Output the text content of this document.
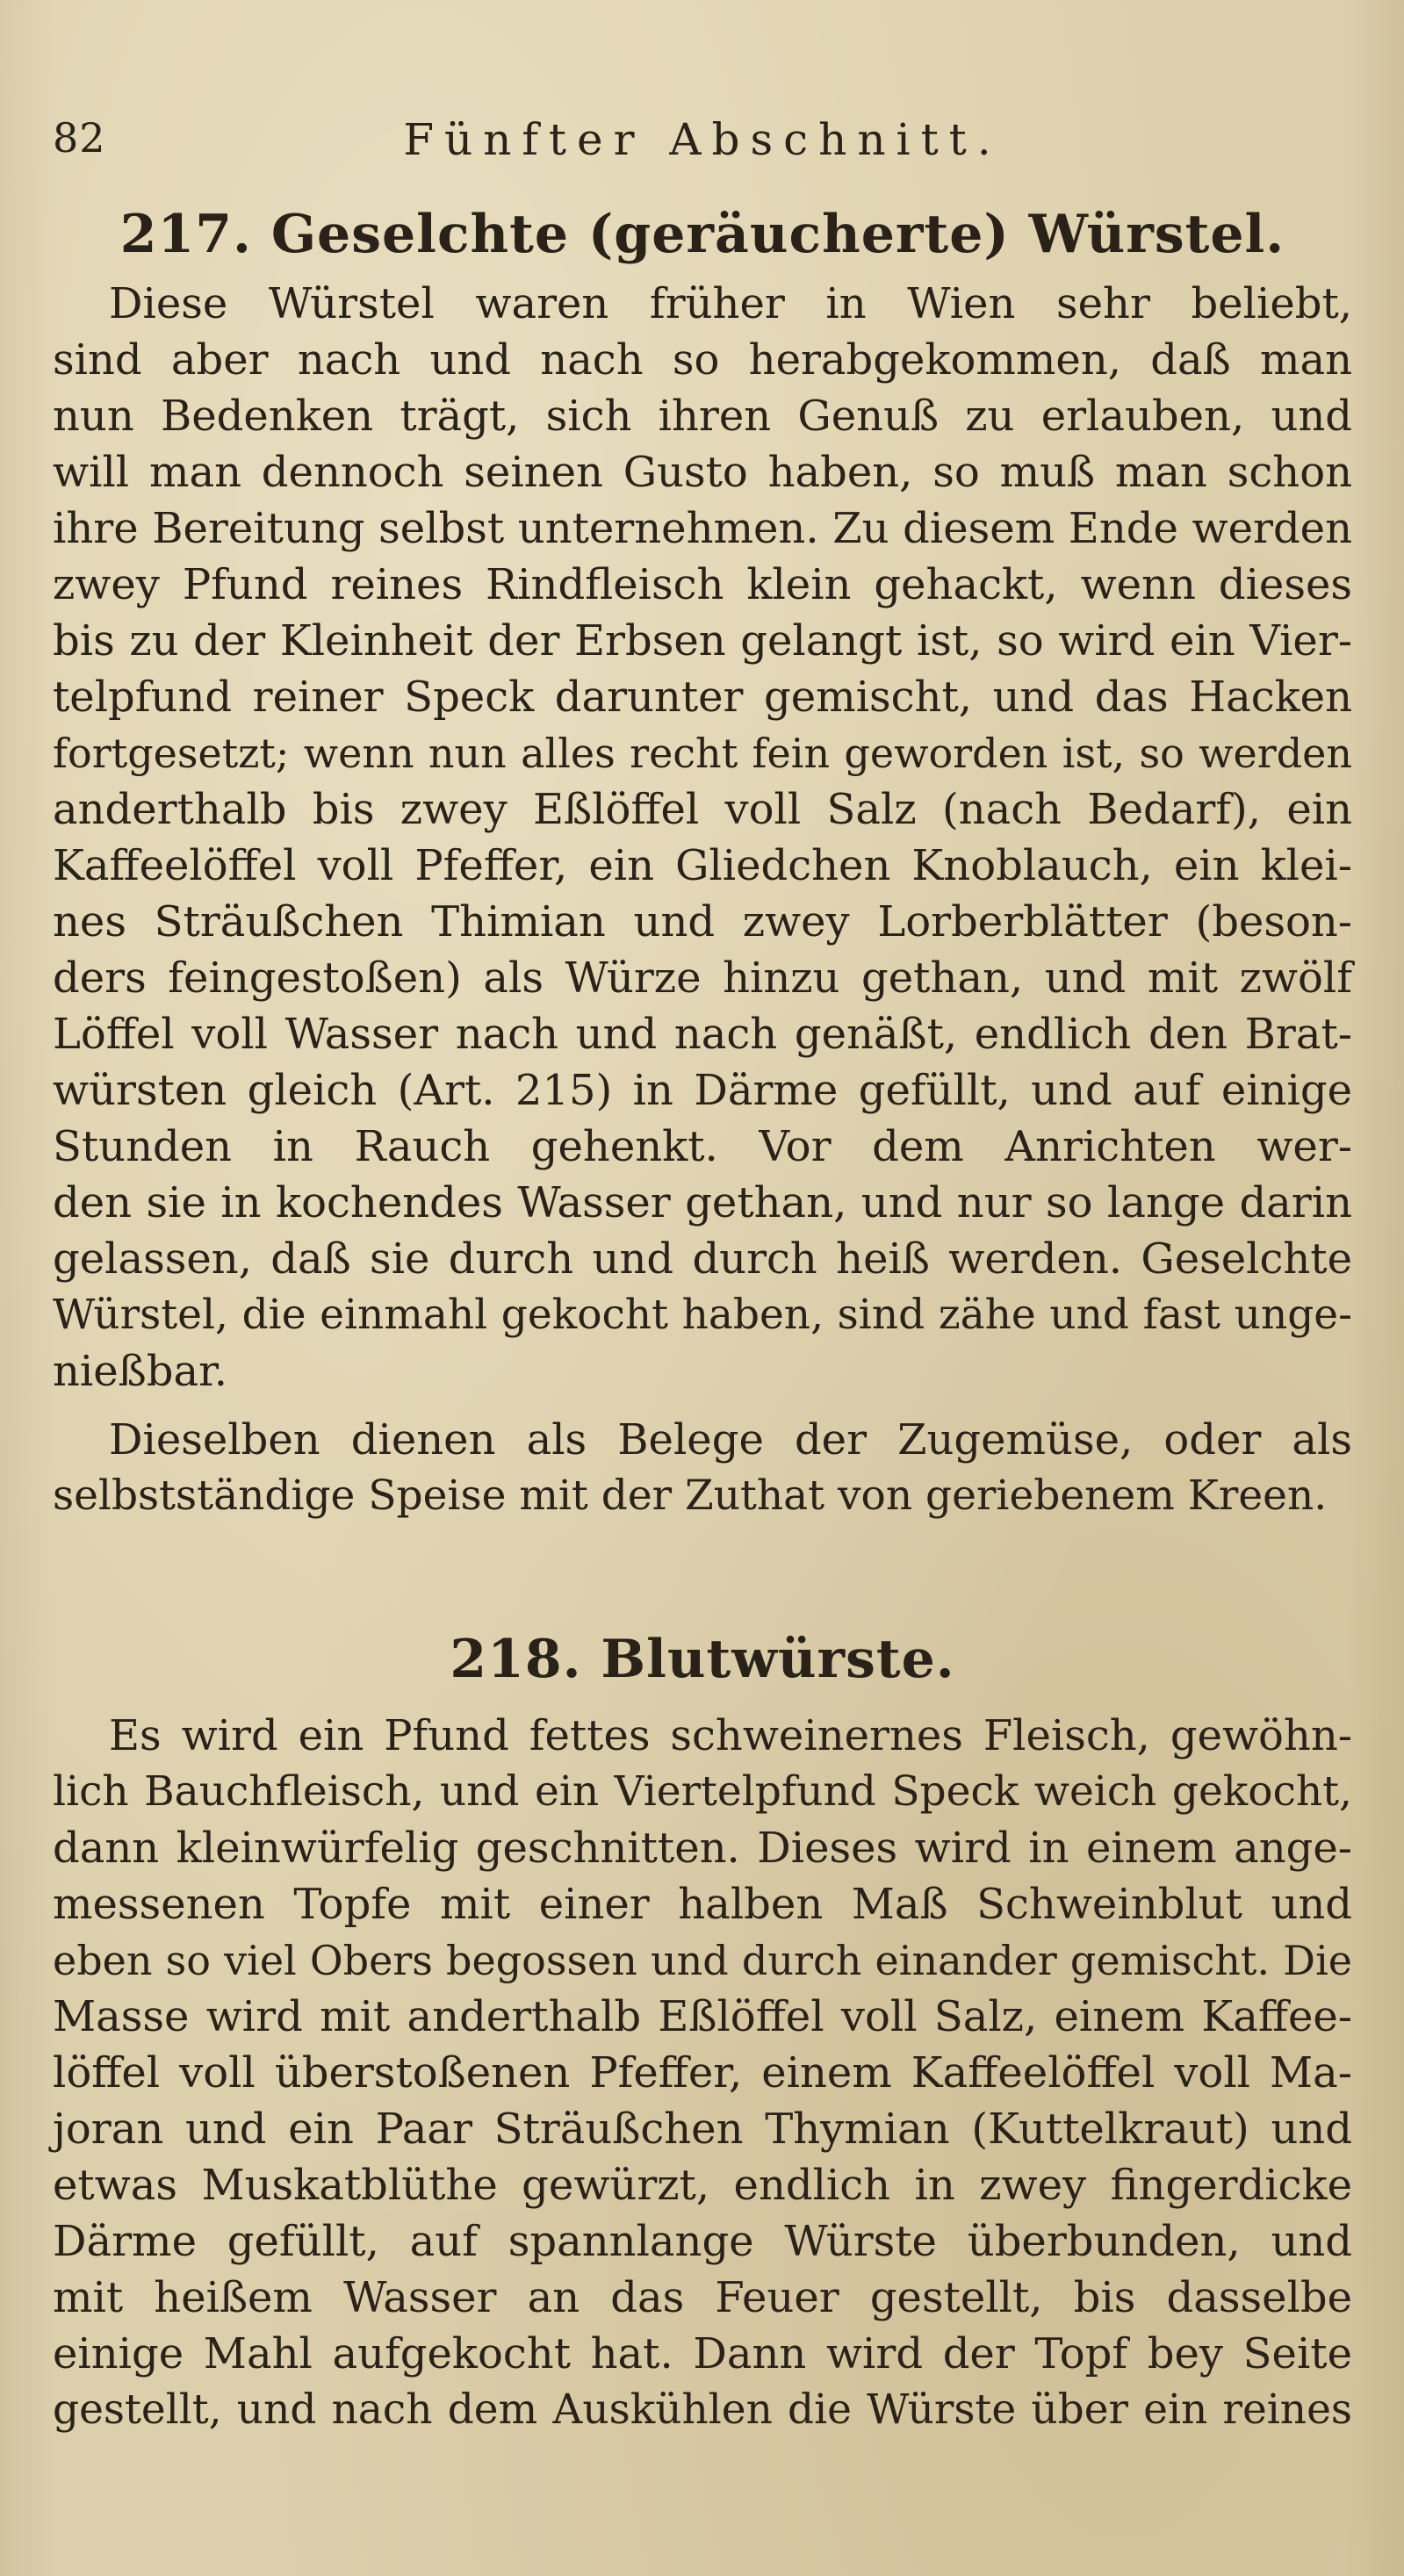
82	Fünfter Abschnitt.
217. Geselchte (geräucherte) Würstel.
Diese Würstel waren früher in Wien sehr beliebt,
sind aber nach und nach so herabgekommen, daß man
nun Bedenken trägt, sich ihren Genuß zu erlauben, und
will man dennoch seinen Gusto haben, so muß man schon
ihre Bereitung selbst unternehmen. Zu diesem Ende werden
zwey Pfund reines Rindfleisch klein gehackt, wenn dieses
bis zu der Kleinheit der Erbsen gelangt ist, so wird ein Vier-
telpfund reiner Speck darunter gemischt, und das Hacken
fortgesetzt; wenn nun alles recht fein geworden ist, so werden
anderthalb bis zwey Eßlöffel voll Salz (nach Bedarf), ein
Kaffeelöffel voll Pfeffer, ein Gliedchen Knoblauch, ein klei-
nes Sträußchen Thimian und zwey Lorberblätter (beson-
ders feingestoßen) als Würze hinzu gethan, und mit zwölf
Löffel voll Wasser nach und nach genäßt, endlich den Brat-
würsten gleich (Art. 215) in Därme gefüllt, und auf einige
Stunden in Rauch gehenkt. Vor dem Anrichten wer-
den sie in kochendes Wasser gethan, und nur so lange darin
gelassen, daß sie durch und durch heiß werden. Geselchte
Würstel, die einmahl gekocht haben, sind zähe und fast unge-
nießbar.
Dieselben dienen als Belege der Zugemüse, oder als
selbstständige Speise mit der Zuthat von geriebenem Kreen.
218. Blutwürste.
Es wird ein Pfund fettes schweinernes Fleisch, gewöhn-
lich Bauchfleisch, und ein Viertelpfund Speck weich gekocht,
dann kleinwürfelig geschnitten. Dieses wird in einem ange-
messenen Topfe mit einer halben Maß Schweinblut und
eben so viel Obers begossen und durch einander gemischt. Die
Masse wird mit anderthalb Eßlöffel voll Salz, einem Kaffee-
löffel voll überstoßenen Pfeffer, einem Kaffeelöffel voll Ma-
joran und ein Paar Sträußchen Thymian (Kuttelkraut) und
etwas Muskatblüthe gewürzt, endlich in zwey fingerdicke
Därme gefüllt, auf spannlange Würste überbunden, und
mit heißem Wasser an das Feuer gestellt, bis dasselbe
einige Mahl aufgekocht hat. Dann wird der Topf bey Seite
gestellt, und nach dem Auskühlen die Würste über ein reines
